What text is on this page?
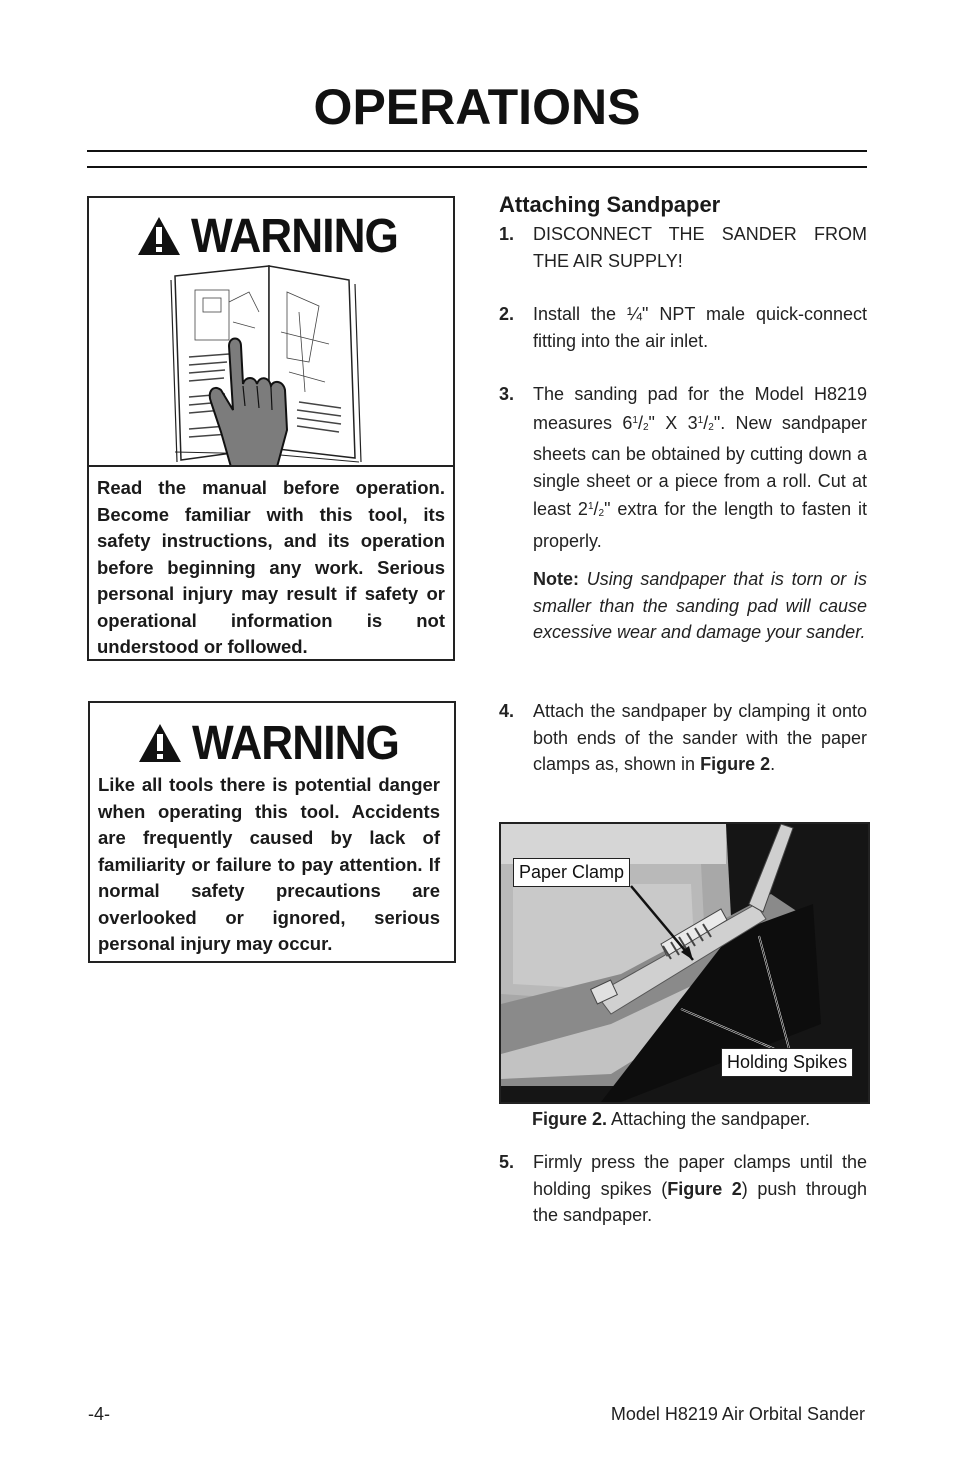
OPERATIONS
WARNING
Read the manual before operation. Become familiar with this tool, its safety instructions, and its operation before beginning any work. Serious personal injury may result if safety or operational information is not understood or followed.
WARNING
Like all tools there is potential danger when operating this tool. Accidents are frequently caused by lack of familiarity or failure to pay attention. If normal safety precautions are overlooked or ignored, serious personal injury may occur.
Attaching Sandpaper
1. DISCONNECT THE SANDER FROM THE AIR SUPPLY!
2. Install the ¼" NPT male quick-connect fitting into the air inlet.
3. The sanding pad for the Model H8219 measures $6^1/2$" X $3^1/2$". New sandpaper sheets can be obtained by cutting down a single sheet or a piece from a roll. Cut at least $2^1/2$" extra for the length to fasten it properly.
Note: Using sandpaper that is torn or is smaller than the sanding pad will cause excessive wear and damage your sander.
4. Attach the sandpaper by clamping it onto both ends of the sander with the paper clamps as, shown in Figure 2.
Paper Clamp
Holding Spikes
Figure 2. Attaching the sandpaper.
5. Firmly press the paper clamps until the holding spikes (Figure 2) push through the sandpaper.
-4-	Model H8219 Air Orbital Sander
